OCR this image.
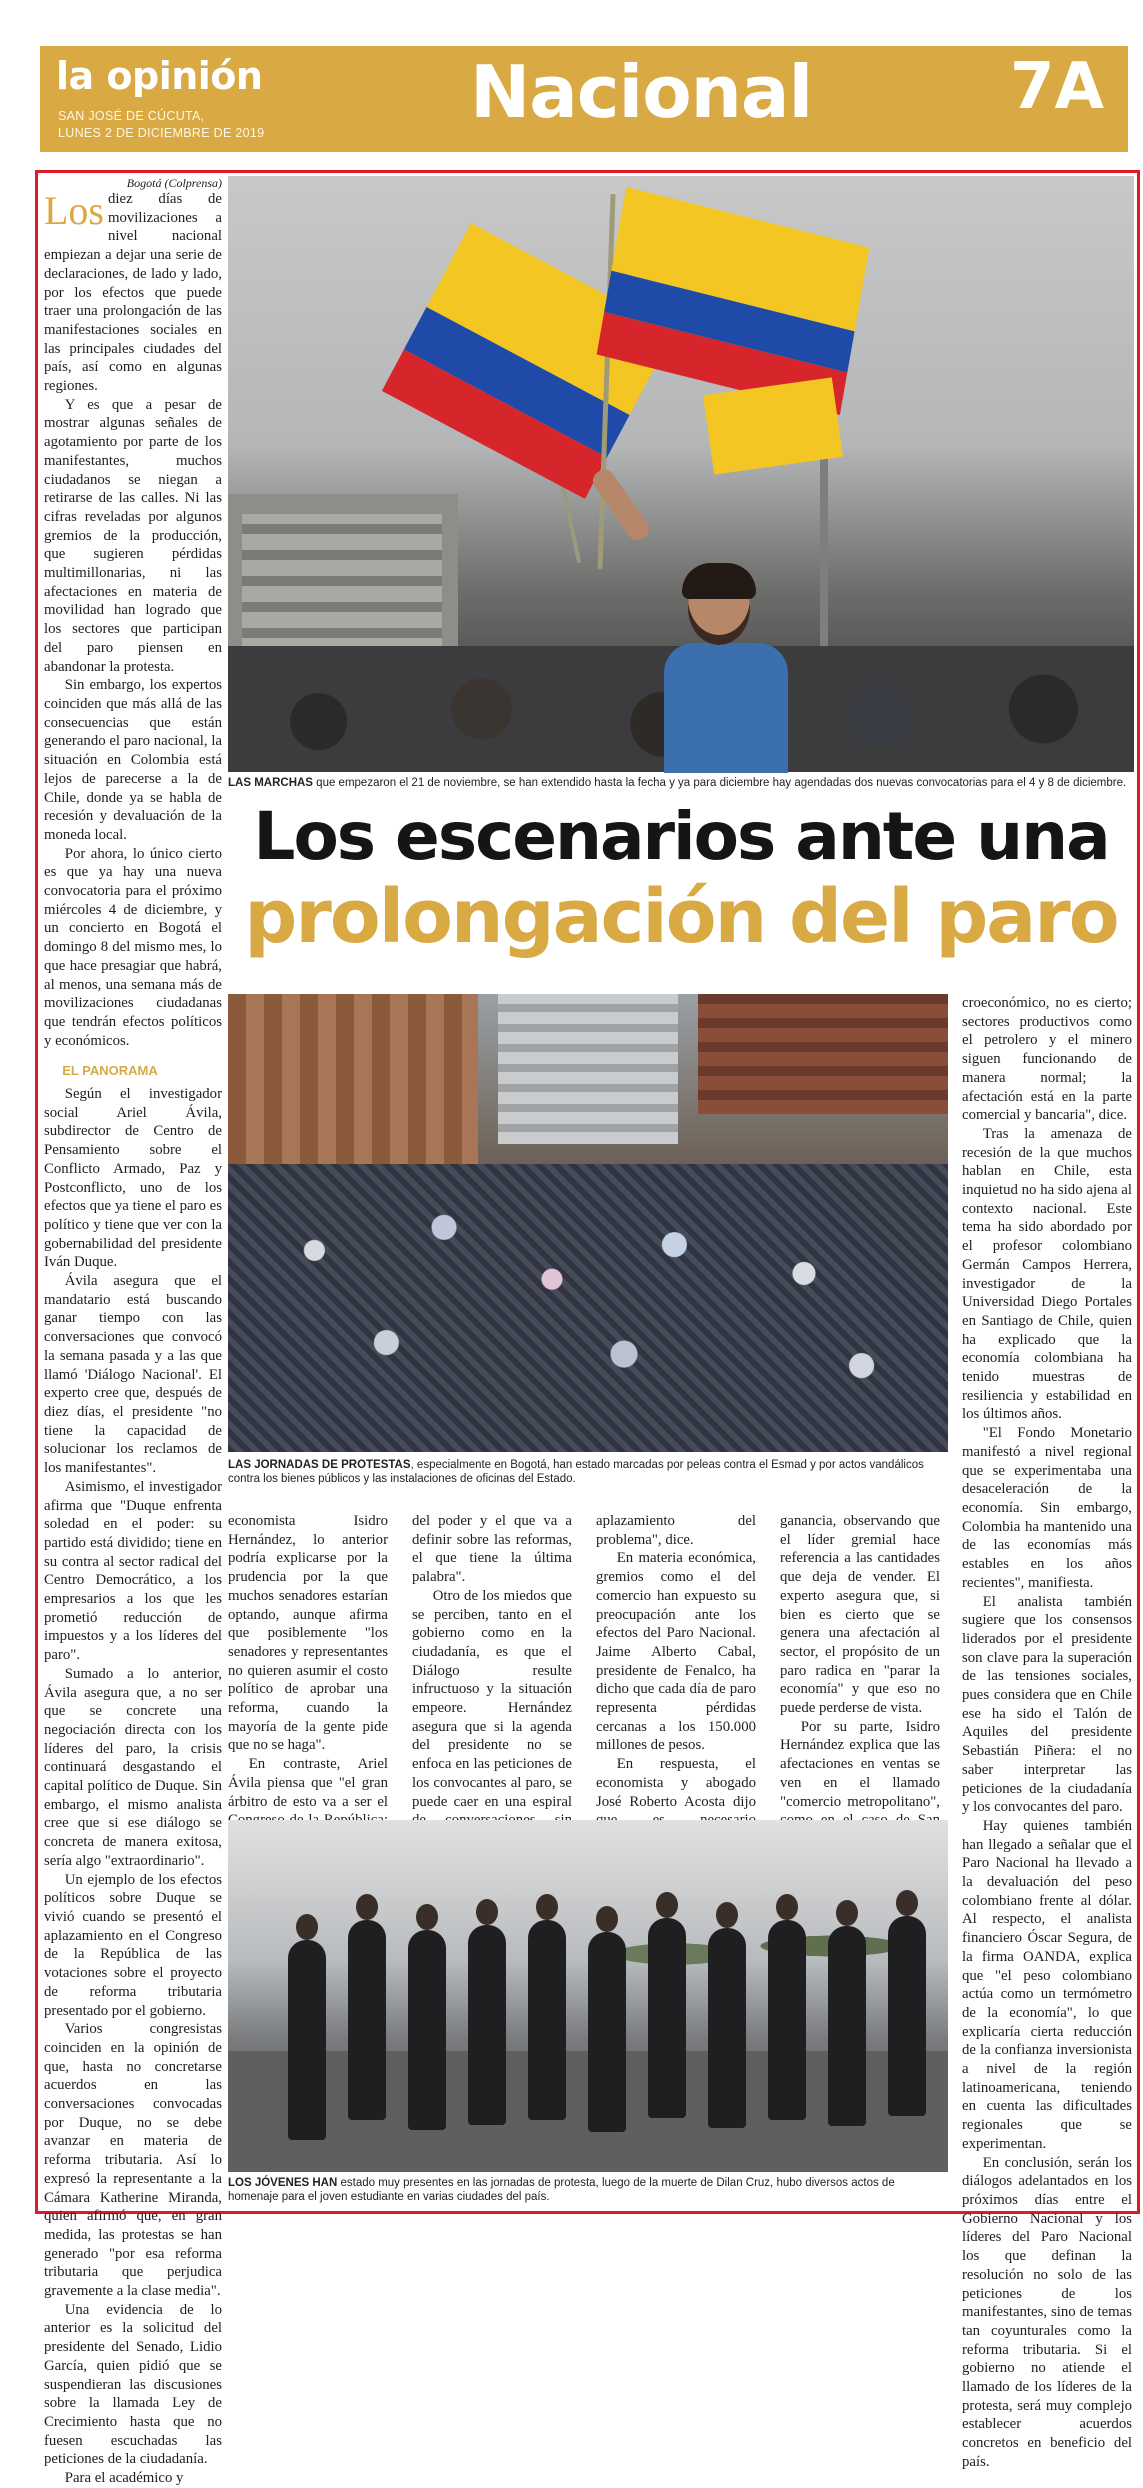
la opinión
SAN JOSÉ DE CÚCUTA,
LUNES 2 DE DICIEMBRE DE 2019	Nacional	7A

Bogotá (Colprensa)

Los diez días de movilizaciones a nivel nacional empiezan a dejar una serie de declaraciones, de lado y lado, por los efectos que puede traer una prolongación de las manifestaciones sociales en las principales ciudades del país, así como en algunas regiones.

Y es que a pesar de mostrar algunas señales de agotamiento por parte de los manifestantes, muchos ciudadanos se niegan a retirarse de las calles. Ni las cifras reveladas por algunos gremios de la producción, que sugieren pérdidas multimillonarias, ni las afectaciones en materia de movilidad han logrado que los sectores que participan del paro piensen en abandonar la protesta.

Sin embargo, los expertos coinciden que más allá de las consecuencias que están generando el paro nacional, la situación en Colombia está lejos de parecerse a la de Chile, donde ya se habla de recesión y devaluación de la moneda local.

Por ahora, lo único cierto es que ya hay una nueva convocatoria para el próximo miércoles 4 de diciembre, y un concierto en Bogotá el domingo 8 del mismo mes, lo que hace presagiar que habrá, al menos, una semana más de movilizaciones ciudadanas que tendrán efectos políticos y económicos.

EL PANORAMA

Según el investigador social Ariel Ávila, subdirector de Centro de Pensamiento sobre el Conflicto Armado, Paz y Postconflicto, uno de los efectos que ya tiene el paro es político y tiene que ver con la gobernabilidad del presidente Iván Duque.

Ávila asegura que el mandatario está buscando ganar tiempo con las conversaciones que convocó la semana pasada y a las que llamó 'Diálogo Nacional'. El experto cree que, después de diez días, el presidente "no tiene la capacidad de solucionar los reclamos de los manifestantes".

Asimismo, el investigador afirma que "Duque enfrenta soledad en el poder: su partido está dividido; tiene en su contra al sector radical del Centro Democrático, a los empresarios a los que les prometió reducción de impuestos y a los líderes del paro".

Sumado a lo anterior, Ávila asegura que, a no ser que se concrete una negociación directa con los líderes del paro, la crisis continuará desgastando el capital político de Duque. Sin embargo, el mismo analista cree que si ese diálogo se concreta de manera exitosa, sería algo "extraordinario".

Un ejemplo de los efectos políticos sobre Duque se vivió cuando se presentó el aplazamiento en el Congreso de la República de las votaciones sobre el proyecto de reforma tributaria presentado por el gobierno.

Varios congresistas coinciden en la opinión de que, hasta no concretarse acuerdos en las conversaciones convocadas por Duque, no se debe avanzar en materia de reforma tributaria. Así lo expresó la representante a la Cámara Katherine Miranda, quien afirmó que, en gran medida, las protestas se han generado "por esa reforma tributaria que perjudica gravemente a la clase media".

Una evidencia de lo anterior es la solicitud del presidente del Senado, Lidio García, quien pidió que se suspendieran las discusiones sobre la llamada Ley de Crecimiento hasta que no fuesen escuchadas las peticiones de la ciudadanía.

Para el académico y

LAS MARCHAS que empezaron el 21 de noviembre, se han extendido hasta la fecha y ya para diciembre hay agendadas dos nuevas convocatorias para el 4 y 8 de diciembre.
Los escenarios ante una
prolongación del paro
LAS JORNADAS DE PROTESTAS, especialmente en Bogotá, han estado marcadas por peleas contra el Esmad y por actos vandálicos contra los bienes públicos y las instalaciones de oficinas del Estado.

croeconómico, no es cierto; sectores productivos como el petrolero y el minero siguen funcionando de manera normal; la afectación está en la parte comercial y bancaria", dice.

Tras la amenaza de recesión de la que muchos hablan en Chile, esta inquietud no ha sido ajena al contexto nacional. Este tema ha sido abordado por el profesor colombiano Germán Campos Herrera, investigador de la Universidad Diego Portales en Santiago de Chile, quien ha explicado que la economía colombiana ha tenido muestras de resiliencia y estabilidad en los últimos años.

"El Fondo Monetario manifestó a nivel regional que se experimentaba una desaceleración de la economía. Sin embargo, Colombia ha mantenido una de las economías más estables en los años recientes", manifiesta.

El analista también sugiere que los consensos liderados por el presidente son clave para la superación de las tensiones sociales, pues considera que en Chile ese ha sido el Talón de Aquiles del presidente Sebastián Piñera: el no saber interpretar las peticiones de la ciudadanía y los convocantes del paro.

Hay quienes también han llegado a señalar que el Paro Nacional ha llevado a la devaluación del peso colombiano frente al dólar. Al respecto, el analista financiero Óscar Segura, de la firma OANDA, explica que "el peso colombiano actúa como un termómetro de la economía", lo que explicaría cierta reducción de la confianza inversionista a nivel de la región latinoamericana, teniendo en cuenta las dificultades regionales que se experimentan.

En conclusión, serán los diálogos adelantados en los próximos días entre el Gobierno Nacional y los líderes del Paro Nacional los que definan la resolución no solo de las peticiones de los manifestantes, sino de temas tan coyunturales como la reforma tributaria. Si el gobierno no atiende el llamado de los líderes de la protesta, será muy complejo establecer acuerdos concretos en beneficio del país.

economista Isidro Hernández, lo anterior podría explicarse por la prudencia por la que muchos senadores estarían optando, aunque afirma que posiblemente "los senadores y representantes no quieren asumir el costo político de aprobar una reforma, cuando la mayoría de la gente pide que no se haga".

En contraste, Ariel Ávila piensa que "el gran árbitro de esto va a ser el

del poder y el que va a definir sobre las reformas, el que tiene la última palabra".

Otro de los miedos que se perciben, tanto en el gobierno como en la ciudadanía, es que el Diálogo resulte infructuoso y la situación empeore. Hernández asegura que si la agenda del presidente no se enfoca en las peticiones de los convocantes al paro, se puede caer en una espiral

aplazamiento del problema", dice.

En materia económica, gremios como el del comercio han expuesto su preocupación ante los efectos del Paro Nacional. Jaime Alberto Cabal, presidente de Fenalco, ha dicho que cada día de paro representa pérdidas cercanas a los 150.000 millones de pesos.

En respuesta, el economista y abogado José Roberto Acosta dijo

ganancia, observando que el líder gremial hace referencia a las cantidades que deja de vender. El experto asegura que, si bien es cierto que se genera una afectación al sector, el propósito de un paro radica en "parar la economía" y que eso no puede perderse de vista.

Por su parte, Isidro Hernández explica que las afectaciones en ventas se ven en el llamado "comercio metropolitano",

LOS JÓVENES HAN estado muy presentes en las jornadas de protesta, luego de la muerte de Dilan Cruz, hubo diversos actos de homenaje para el joven estudiante en varias ciudades del país.
